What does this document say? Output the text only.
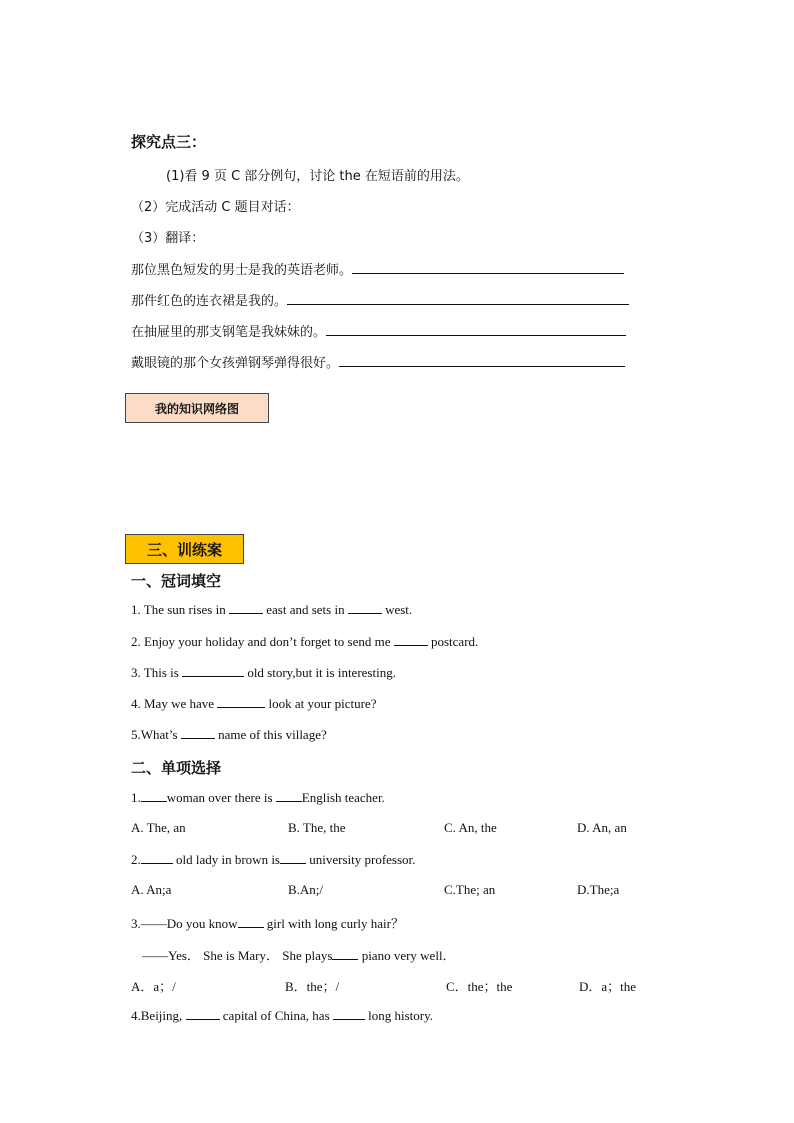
探究点三：
(1)看 9 页 C 部分例句，讨论 the 在短语前的用法。
（2）完成活动 C 题目对话：
（3）翻译：
那位黑色短发的男士是我的英语老师。
那件红色的连衣裙是我的。
在抽屉里的那支钢笔是我妹妹的。
戴眼镜的那个女孩弹钢琴弹得很好。
我的知识网络图
三、训练案
一、冠词填空
1. The sun rises in	east and sets in	west.
2. Enjoy your holiday and don’t forget to send me	postcard.
3. This is	old story,but it is interesting.
4. May we have	look at your picture?
5.What’s	name of this village?
二、单项选择
1. woman over there is English teacher.
A. The, an	B. The, the	C. An, the	D. An, an
2.	old lady in brown is university professor.
A. An;a	B.An;/	C.The; an	D.The;a
3.——Do you know girl with long curly hair？
——Yes． She is Mary． She plays piano very well．
A．a；/	B．the；/	C．the；the	D．a；the
4.Beijing,	capital of China, has	long history.
